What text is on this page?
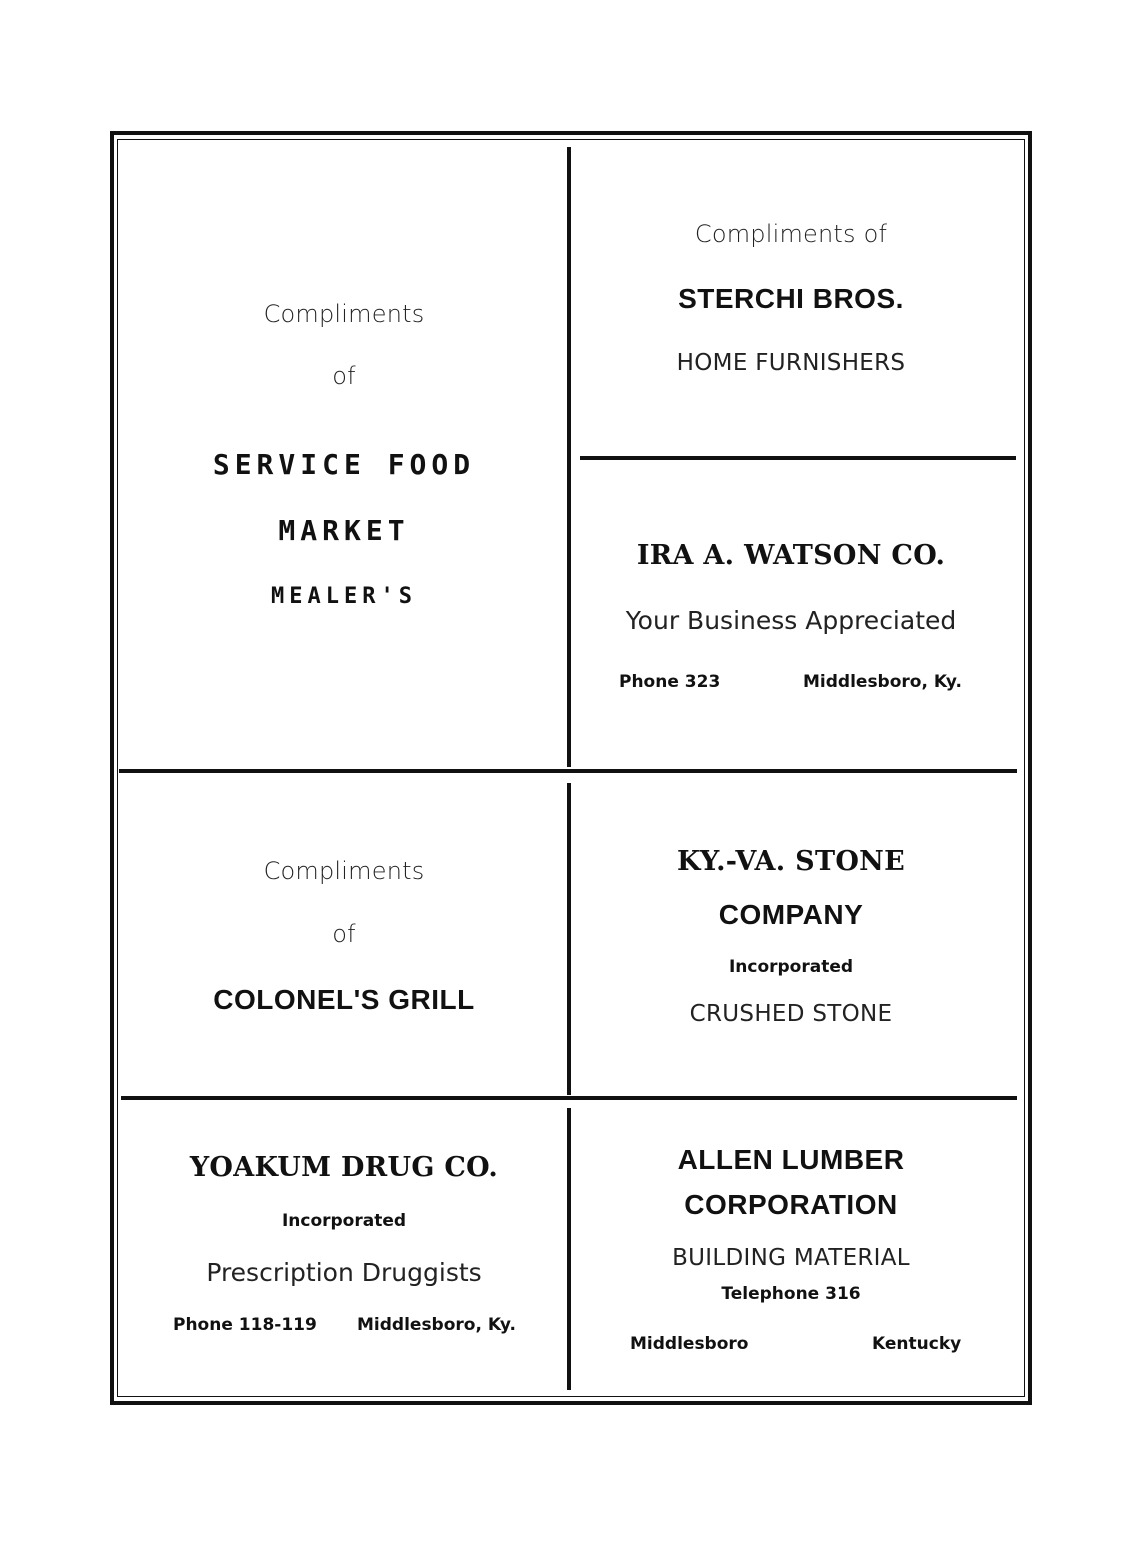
Compliments
of
SERVICE FOOD
MARKET
MEALER'S
Compliments of
STERCHI BROS.
HOME FURNISHERS
IRA A. WATSON CO.
Your Business Appreciated
Phone 323	Middlesboro, Ky.
Compliments
of
COLONEL'S GRILL
KY.-VA. STONE
COMPANY
Incorporated
CRUSHED STONE
YOAKUM DRUG CO.
Incorporated
Prescription Druggists
Phone 118-119 Middlesboro, Ky.
ALLEN LUMBER
CORPORATION
BUILDING MATERIAL
Telephone 316
Middlesboro	Kentucky
